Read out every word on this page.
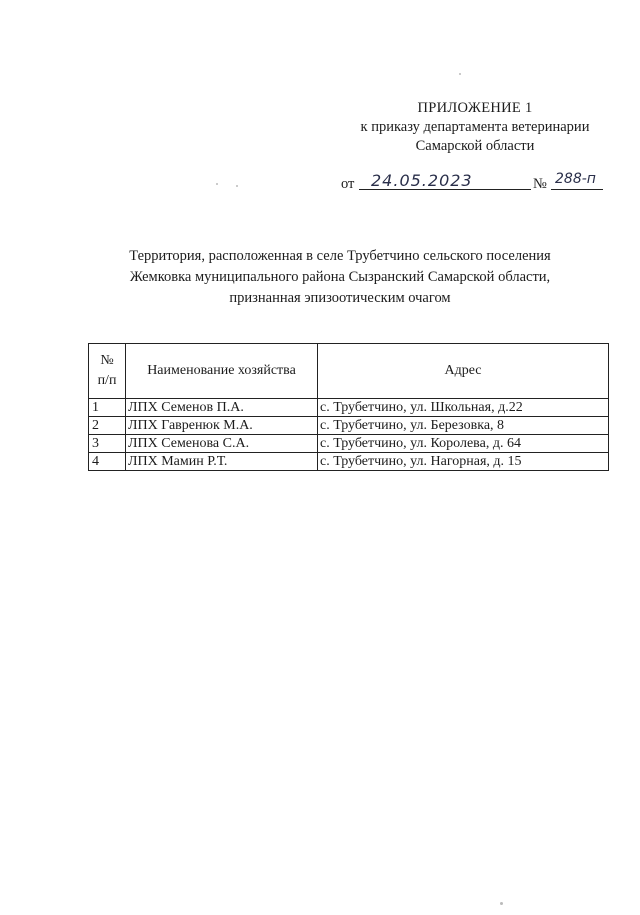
ПРИЛОЖЕНИЕ 1
к приказу департамента ветеринарии
Самарской области
от	24.05.2023	№ 288-п
Территория, расположенная в селе Трубетчино сельского поселения
Жемковка муниципального района Сызранский Самарской области,
признанная эпизоотическим очагом
№
п/п	Наименование хозяйства	Адрес
1	ЛПХ Семенов П.А.	с. Трубетчино, ул. Школьная, д.22
2	ЛПХ Гавренюк М.А.	с. Трубетчино, ул. Березовка, 8
3	ЛПХ Семенова С.А.	с. Трубетчино, ул. Королева, д. 64
4	ЛПХ Мамин Р.Т.	с. Трубетчино, ул. Нагорная, д. 15
